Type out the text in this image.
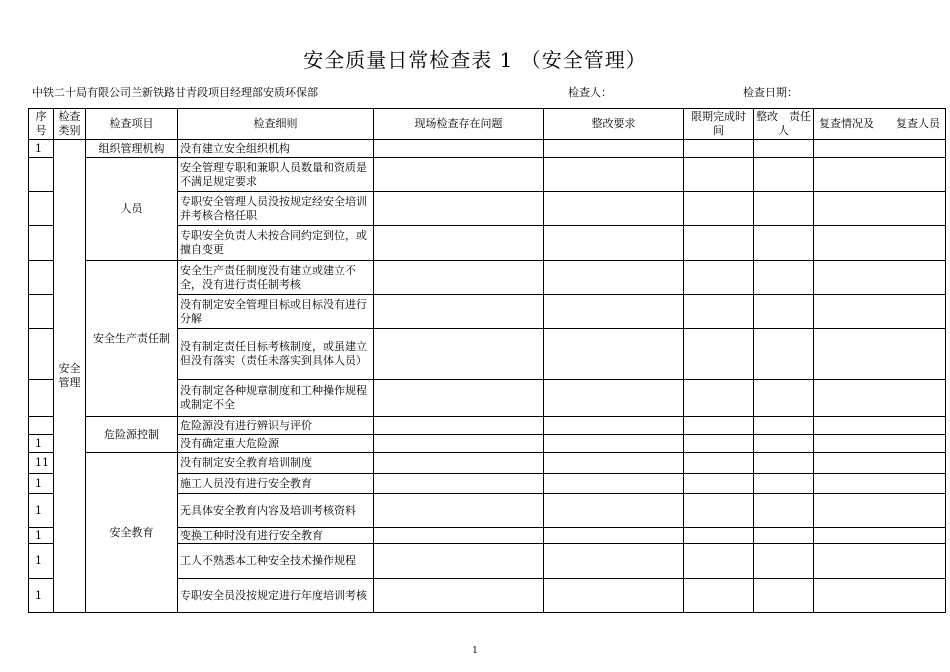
安全质量日常检查表 1 （安全管理）
中铁二十局有限公司兰新铁路甘青段项目经理部安质环保部	检查人：	检查日期：
序号	检查类别	检查项目	检查细则	现场检查存在问题	整改要求	限期完成时间	整改　责任人	复查情况及　　复查人员
1	安全管理	组织管理机构	没有建立安全组织机构					
		人员	安全管理专职和兼职人员数量和资质是不满足规定要求					
			专职安全管理人员没按规定经安全培训并考核合格任职					
			专职安全负责人未按合同约定到位，或擅自变更					
		安全生产责任制	安全生产责任制度没有建立或建立不全，没有进行责任制考核					
			没有制定安全管理目标或目标没有进行分解					
			没有制定责任目标考核制度，或虽建立但没有落实（责任未落实到具体人员）					
			没有制定各种规章制度和工种操作规程或制定不全					
		危险源控制	危险源没有进行辨识与评价					
1			没有确定重大危险源					
11		安全教育	没有制定安全教育培训制度					
1			施工人员没有进行安全教育					
1			无具体安全教育内容及培训考核资料					
1			变换工种时没有进行安全教育					
1			工人不熟悉本工种安全技术操作规程					
1			专职安全员没按规定进行年度培训考核					
1
